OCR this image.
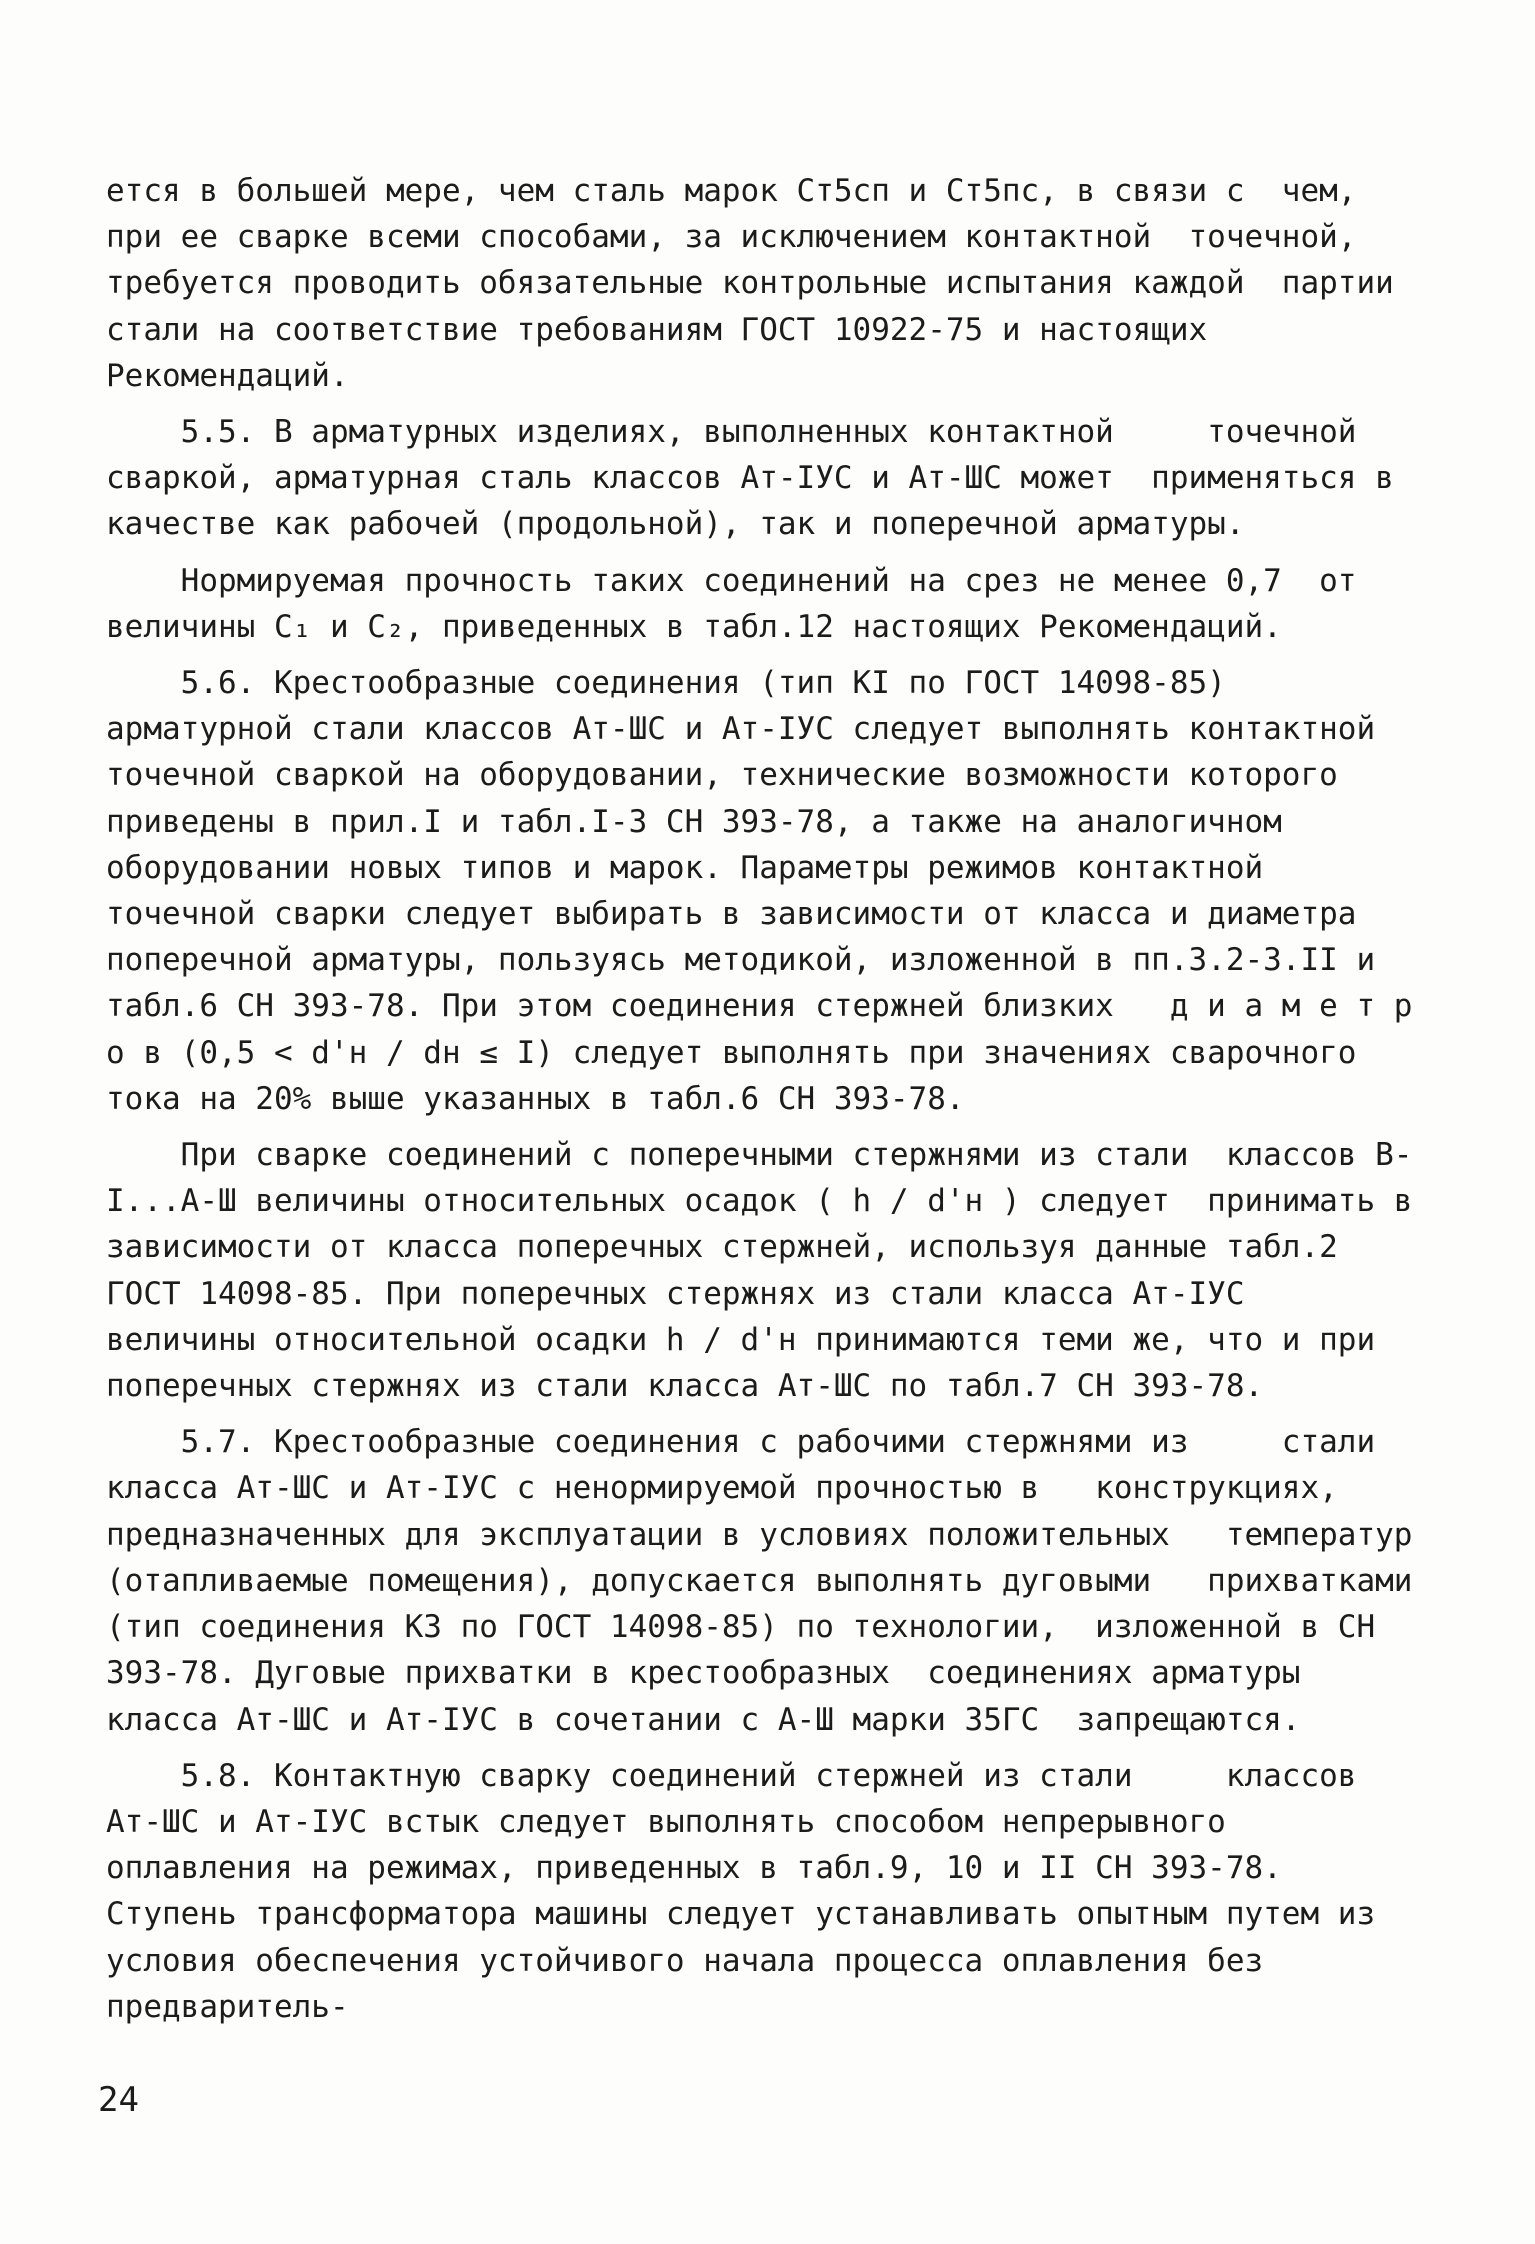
ется в большей мере, чем сталь марок Ст5сп и Ст5пс, в связи с  чем, при ее сварке всеми способами, за исключением контактной  точечной, требуется проводить обязательные контрольные испытания каждой  партии стали на соответствие требованиям ГОСТ 10922-75 и настоящих Рекомендаций.

5.5. В арматурных изделиях, выполненных контактной     точечной сваркой, арматурная сталь классов Ат-IУС и Ат-ШС может  применяться в качестве как рабочей (продольной), так и поперечной арматуры.

Нормируемая прочность таких соединений на срез не менее 0,7  от величины C₁ и C₂, приведенных в табл.12 настоящих Рекомендаций.

5.6. Крестообразные соединения (тип КI по ГОСТ 14098-85)  арматурной стали классов Ат-ШС и Ат-IУС следует выполнять контактной точечной сваркой на оборудовании, технические возможности которого приведены в прил.I и табл.I-3 СН 393-78, а также на аналогичном оборудовании новых типов и марок. Параметры режимов контактной    точечной сварки следует выбирать в зависимости от класса и диаметра поперечной арматуры, пользуясь методикой, изложенной в пп.3.2-3.II и табл.6 СН 393-78. При этом соединения стержней близких   д и а м е т р о в (0,5 < d'н / dн ≤ I) следует выполнять при значениях сварочного   тока на 20% выше указанных в табл.6 СН 393-78.

При сварке соединений с поперечными стержнями из стали  классов В-I...А-Ш величины относительных осадок ( h / d'н ) следует  принимать в зависимости от класса поперечных стержней, используя данные табл.2 ГОСТ 14098-85. При поперечных стержнях из стали класса Ат-IУС  величины относительной осадки h / d'н принимаются теми же, что и при  поперечных стержнях из стали класса Ат-ШС по табл.7 СН 393-78.

5.7. Крестообразные соединения с рабочими стержнями из     стали класса Ат-ШС и Ат-IУС с ненормируемой прочностью в   конструкциях, предназначенных для эксплуатации в условиях положительных   температур (отапливаемые помещения), допускается выполнять дуговыми   прихватками (тип соединения К3 по ГОСТ 14098-85) по технологии,  изложенной в СН 393-78. Дуговые прихватки в крестообразных  соединениях арматуры класса Ат-ШС и Ат-IУС в сочетании с А-Ш марки 35ГС  запрещаются.

5.8. Контактную сварку соединений стержней из стали     классов Ат-ШС и Ат-IУС встык следует выполнять способом непрерывного  оплавления на режимах, приведенных в табл.9, 10 и II СН 393-78.  Ступень трансформатора машины следует устанавливать опытным путем из условия обеспечения устойчивого начала процесса оплавления без предваритель-

24
